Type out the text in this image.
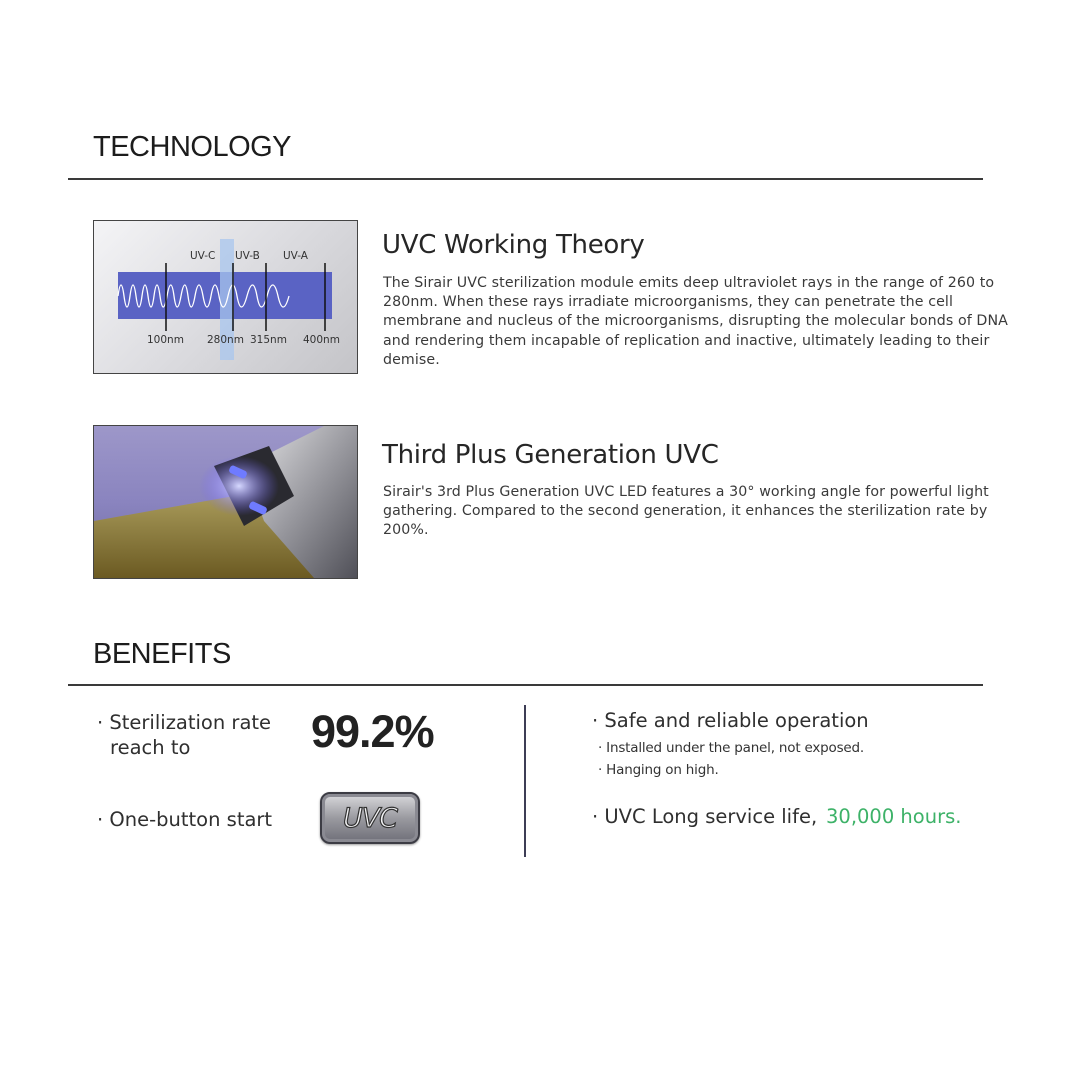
TECHNOLOGY
UV-C UV-B UV-A
100nm 280nm 315nm 400nm
UVC Working Theory
The Sirair UVC sterilization module emits deep ultraviolet rays in the range of 260 to 280nm. When these rays irradiate microorganisms, they can penetrate the cell membrane and nucleus of the microorganisms, disrupting the molecular bonds of DNA and rendering them incapable of replication and inactive, ultimately leading to their demise.
Third Plus Generation UVC
Sirair's 3rd Plus Generation UVC LED features a 30° working angle for powerful light gathering. Compared to the second generation, it enhances the sterilization rate by 200%.
BENEFITS
· Sterilization rate
reach to	99.2%
· One-button start	UVC
· Safe and reliable operation
· Installed under the panel, not exposed.
· Hanging on high.
· UVC Long service life, 30,000 hours.
